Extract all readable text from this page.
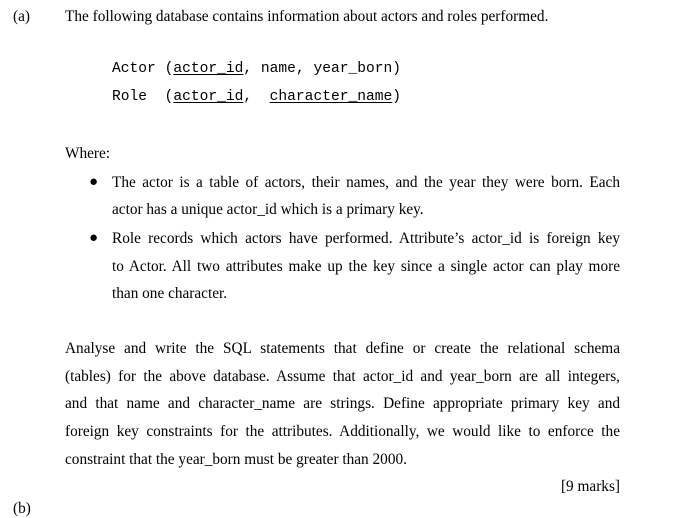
(a) The following database contains information about actors and roles performed.
Actor (actor_id, name, year_born)
Role (actor_id,  character_name)
Where:
● The actor is a table of actors, their names, and the year they were born. Each
actor has a unique actor_id which is a primary key.
● Role records which actors have performed. Attribute’s actor_id is foreign key
to Actor. All two attributes make up the key since a single actor can play more
than one character.
Analyse and write the SQL statements that define or create the relational schema
(tables) for the above database. Assume that actor_id and year_born are all integers,
and that name and character_name are strings. Define appropriate primary key and
foreign key constraints for the attributes. Additionally, we would like to enforce the
constraint that the year_born must be greater than 2000.
[9 marks]
(b)
